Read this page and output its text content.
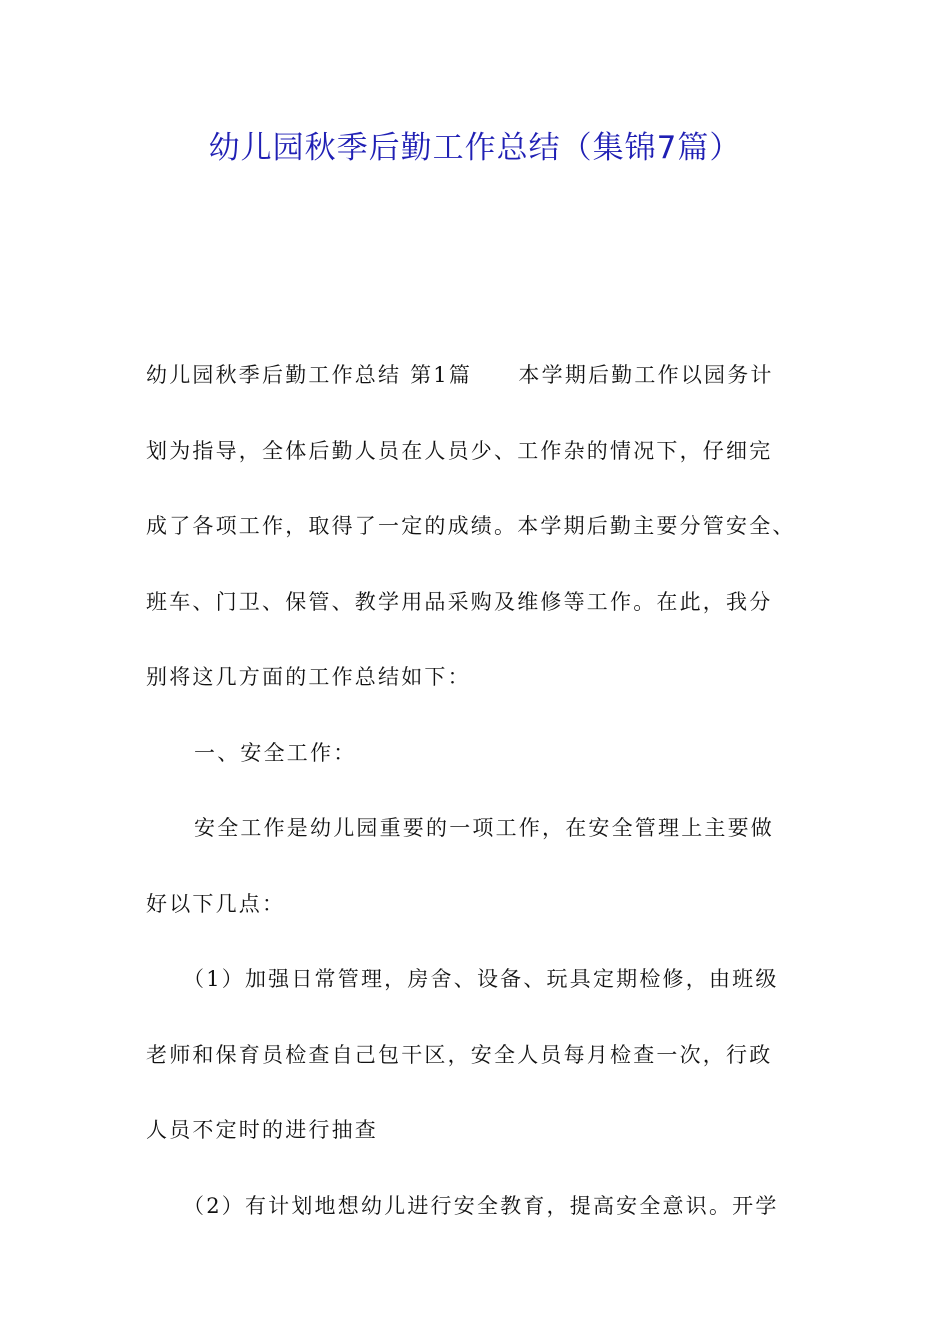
幼儿园秋季后勤工作总结（集锦7篇）
幼儿园秋季后勤工作总结 第1篇　　本学期后勤工作以园务计
划为指导，全体后勤人员在人员少、工作杂的情况下，仔细完
成了各项工作，取得了一定的成绩。本学期后勤主要分管安全、
班车、门卫、保管、教学用品采购及维修等工作。在此，我分
别将这几方面的工作总结如下：
一、安全工作：
安全工作是幼儿园重要的一项工作，在安全管理上主要做
好以下几点：
（1）加强日常管理，房舍、设备、玩具定期检修，由班级
老师和保育员检查自己包干区，安全人员每月检查一次，行政
人员不定时的进行抽查
（2）有计划地想幼儿进行安全教育，提高安全意识。开学
